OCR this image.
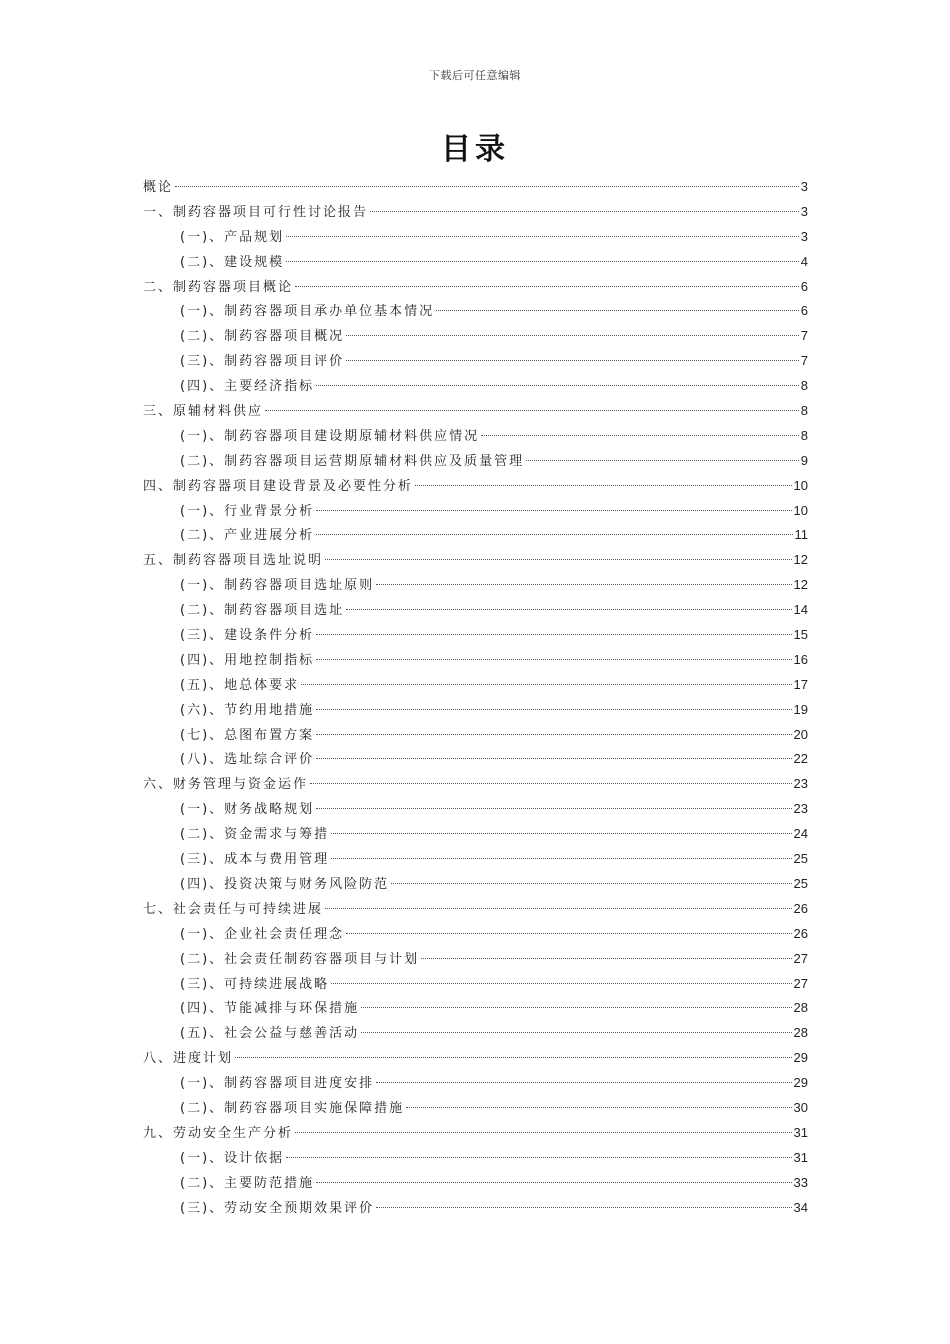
下载后可任意编辑
目录
概论	3
一、制药容器项目可行性讨论报告	3
(一)、产品规划	3
(二)、建设规模	4
二、制药容器项目概论	6
(一)、制药容器项目承办单位基本情况	6
(二)、制药容器项目概况	7
(三)、制药容器项目评价	7
(四)、主要经济指标	8
三、原辅材料供应	8
(一)、制药容器项目建设期原辅材料供应情况	8
(二)、制药容器项目运营期原辅材料供应及质量管理	9
四、制药容器项目建设背景及必要性分析	10
(一)、行业背景分析	10
(二)、产业进展分析	11
五、制药容器项目选址说明	12
(一)、制药容器项目选址原则	12
(二)、制药容器项目选址	14
(三)、建设条件分析	15
(四)、用地控制指标	16
(五)、地总体要求	17
(六)、节约用地措施	19
(七)、总图布置方案	20
(八)、选址综合评价	22
六、财务管理与资金运作	23
(一)、财务战略规划	23
(二)、资金需求与筹措	24
(三)、成本与费用管理	25
(四)、投资决策与财务风险防范	25
七、社会责任与可持续进展	26
(一)、企业社会责任理念	26
(二)、社会责任制药容器项目与计划	27
(三)、可持续进展战略	27
(四)、节能减排与环保措施	28
(五)、社会公益与慈善活动	28
八、进度计划	29
(一)、制药容器项目进度安排	29
(二)、制药容器项目实施保障措施	30
九、劳动安全生产分析	31
(一)、设计依据	31
(二)、主要防范措施	33
(三)、劳动安全预期效果评价	34
